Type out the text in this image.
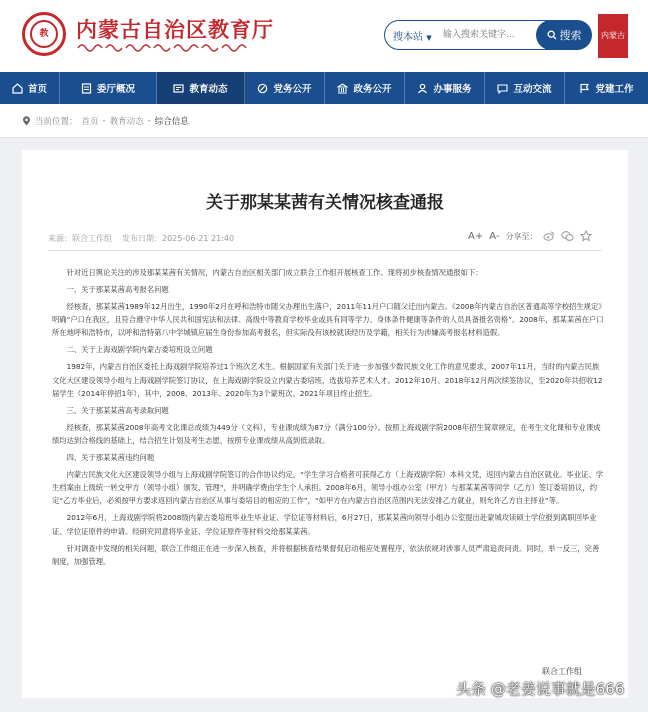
教	内蒙古自治区教育厅	搜本站 ▼
输入搜索关键字...	搜索	内蒙古
首页	委厅概况	教育动态	党务公开	政务公开	办事服务	互动交流	党建工作
当前位置： 首页 - 教育动态 - 综合信息
关于那某某茜有关情况核查通报
来源：联合工作组 发布日期：2025-06-21 21:40	A+ A- 分享至：

针对近日舆论关注的涉及那某某茜有关情况，内蒙古自治区相关部门成立联合工作组开展核查工作。现将初步核查情况通报如下：

一、关于那某某茜高考报名问题

经核查，那某某茜1989年12月出生，1990年2月在呼和浩特市随父办理出生落户，2011年11月户口随父迁出内蒙古。《2008年内蒙古自治区普通高等学校招生规定》明确“户口在我区，且符合遵守中华人民共和国宪法和法律、高级中等教育学校毕业或具有同等学力、身体条件健康等条件的人员具备报名资格”。2008年，那某某茜在户口所在地呼和浩特市，以呼和浩特第八中学城镇应届生身份参加高考报名，但实际没有该校就读经历及学籍，相关行为涉嫌高考报名材料造假。

二、关于上海戏剧学院内蒙古委培班设立问题

1982年，内蒙古自治区委托上海戏剧学院培养过1个班次艺术生。根据国家有关部门关于进一步加强少数民族文化工作的意见要求，2007年11月，当时的内蒙古民族文化大区建设领导小组与上海戏剧学院签订协议，在上海戏剧学院设立内蒙古委培班，选拔培养艺术人才。2012年10月、2018年12月两次续签协议，至2020年共招收12届学生（2014年停招1年），其中，2008、2013年、2020年为3个蒙班次。2021年项目终止招生。

三、关于那某某茜高考录取问题

经核查，那某某茜2008年高考文化课总成绩为449分（文科），专业课成绩为87分（满分100分）。按照上海戏剧学院2008年招生简章规定，在考生文化课和专业课成绩均达到合格线的基础上，结合招生计划及考生志愿，按照专业课成绩从高到低录取。

四、关于那某某茜违约问题

内蒙古民族文化大区建设领导小组与上海戏剧学院签订的合作协议约定，“学生学习合格者可获得乙方（上海戏剧学院）本科文凭，返回内蒙古自治区就业。毕业证、学生档案由上级统一转交甲方（领导小组）颁发、管理”，并明确学费由学生个人承担。2008年6月，领导小组办公室（甲方）与那某某茜等同学（乙方）签订委培协议，约定“乙方毕业后，必须按甲方要求返回内蒙古自治区从事与委培目的相应的工作”，“如甲方在内蒙古自治区范围内无法安排乙方就业，则允许乙方自主择业”等。

2012年6月，上海戏剧学院将2008级内蒙古委培班毕业生毕业证、学位证等材料后，6月27日，那某某茜向领导小组办公室提出赴蒙城攻读硕士学位报到离职回毕业证、学位证原件的申请。经研究同意将毕业证、学位证原件等材料交给那某某茜。

针对调查中发现的相关问题，联合工作组正在进一步深入核查，并将根据核查结果督促启动相应处置程序，依法依规对涉事人员严肃追责问责。同时，举一反三，完善制度，加强管理。

联合工作组
头条 @老姜说事就是666
